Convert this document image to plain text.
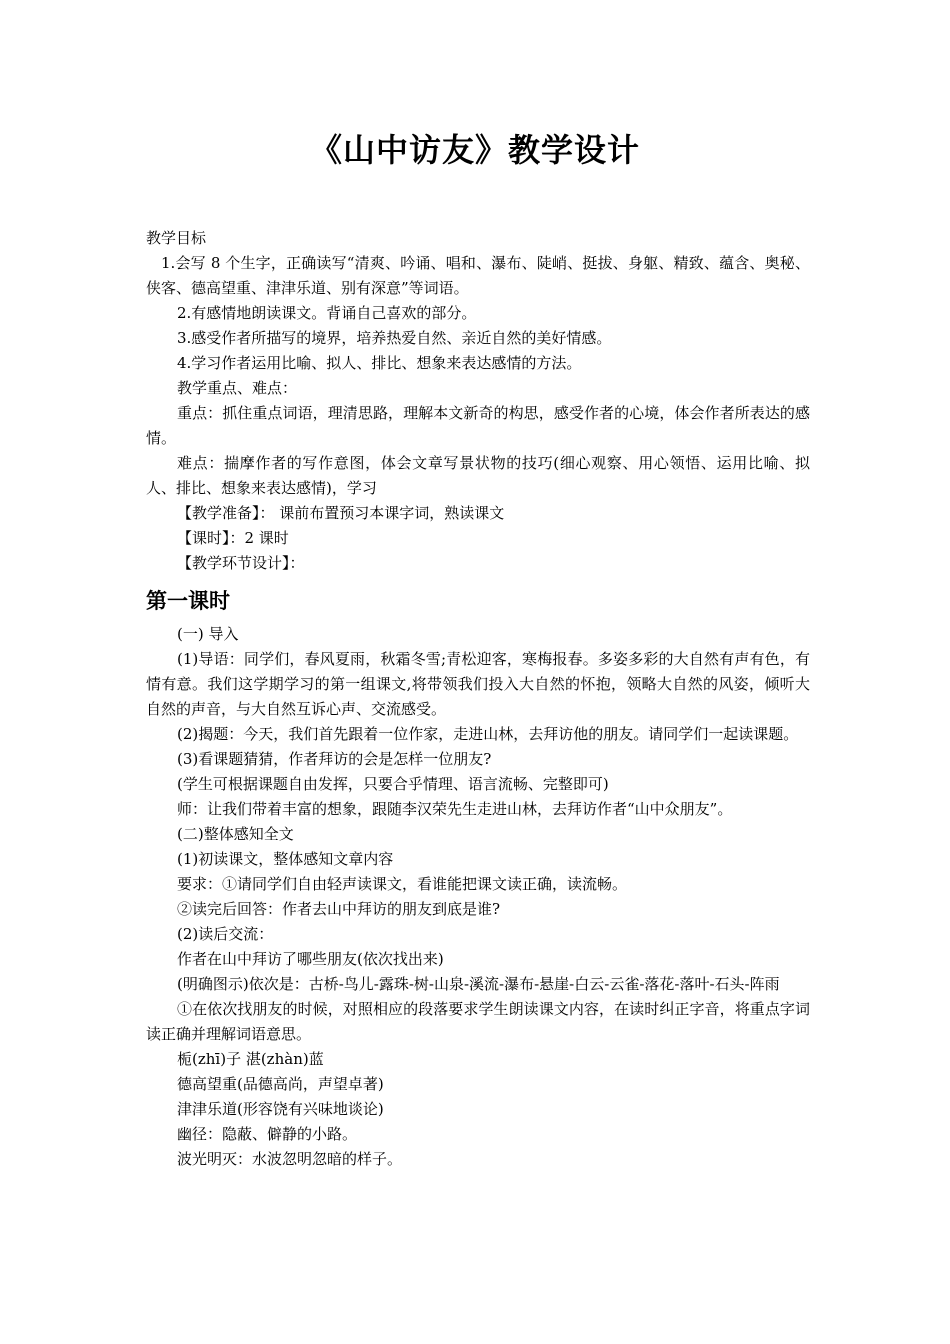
《山中访友》教学设计

教学目标

1.会写 8 个生字，正确读写“清爽、吟诵、唱和、瀑布、陡峭、挺拔、身躯、精致、蕴含、奥秘、侠客、德高望重、津津乐道、别有深意”等词语。

2.有感情地朗读课文。背诵自己喜欢的部分。

3.感受作者所描写的境界，培养热爱自然、亲近自然的美好情感。

4.学习作者运用比喻、拟人、排比、想象来表达感情的方法。

教学重点、难点：

重点：抓住重点词语，理清思路，理解本文新奇的构思，感受作者的心境，体会作者所表达的感情。

难点：揣摩作者的写作意图，体会文章写景状物的技巧(细心观察、用心领悟、运用比喻、拟人、排比、想象来表达感情)，学习

【教学准备】： 课前布置预习本课字词，熟读课文

【课时】：2 课时

【教学环节设计】：

第一课时

(一) 导入

(1)导语：同学们，春风夏雨，秋霜冬雪;青松迎客，寒梅报春。多姿多彩的大自然有声有色，有情有意。我们这学期学习的第一组课文,将带领我们投入大自然的怀抱，领略大自然的风姿，倾听大自然的声音，与大自然互诉心声、交流感受。

(2)揭题：今天，我们首先跟着一位作家，走进山林，去拜访他的朋友。请同学们一起读课题。

(3)看课题猜猜，作者拜访的会是怎样一位朋友?

(学生可根据课题自由发挥，只要合乎情理、语言流畅、完整即可)

师：让我们带着丰富的想象，跟随李汉荣先生走进山林，去拜访作者“山中众朋友”。

(二)整体感知全文

(1)初读课文，整体感知文章内容

要求：①请同学们自由轻声读课文，看谁能把课文读正确，读流畅。

②读完后回答：作者去山中拜访的朋友到底是谁?

(2)读后交流：

作者在山中拜访了哪些朋友(依次找出来)

(明确图示)依次是：古桥-鸟儿-露珠-树-山泉-溪流-瀑布-悬崖-白云-云雀-落花-落叶-石头-阵雨

①在依次找朋友的时候，对照相应的段落要求学生朗读课文内容，在读时纠正字音，将重点字词读正确并理解词语意思。

栀(zhī)子 湛(zhàn)蓝

德高望重(品德高尚，声望卓著)

津津乐道(形容饶有兴味地谈论)

幽径：隐蔽、僻静的小路。

波光明灭：水波忽明忽暗的样子。
